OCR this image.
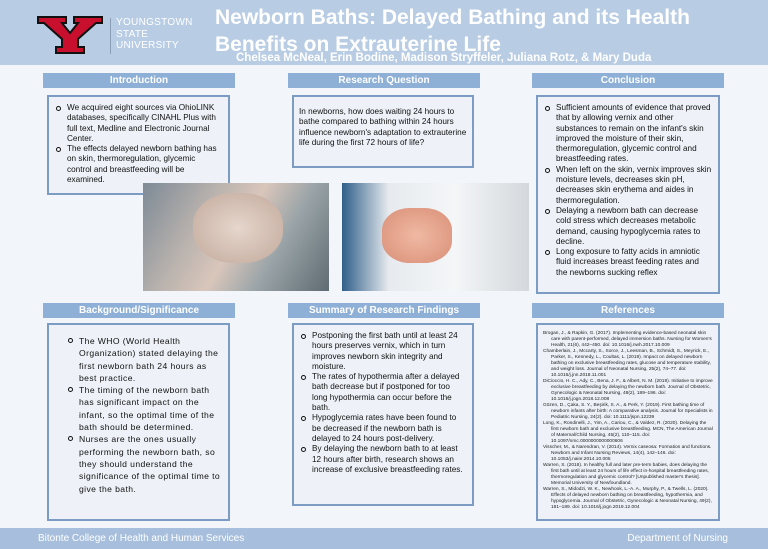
YOUNGSTOWN
STATE
UNIVERSITY
Newborn Baths: Delayed Bathing and its Health Benefits on Extrauterine Life
Chelsea McNeal, Erin Bodine, Madison Stryffeler, Juliana Rotz, & Mary Duda
Introduction
We acquired eight sources via OhioLINK databases, specifically CINAHL Plus with full text, Medline and Electronic Journal Center.
The effects delayed newborn bathing has on skin, thermoregulation, glycemic control and breastfeeding will be examined.
Research Question

In newborns, how does waiting 24 hours to bathe compared to bathing within 24 hours influence newborn's adaptation to extrauterine life during the first 72 hours of life?

Conclusion
Sufficient amounts of evidence that proved that by allowing vernix and other substances to remain on the infant's skin improved the moisture of their skin, thermoregulation, glycemic control and breastfeeding rates.
When left on the skin, vernix improves skin moisture levels, decreases skin pH, decreases skin erythema and aides in thermoregulation.
Delaying a newborn bath can decrease cold stress which decreases metabolic demand, causing hypoglycemia rates to decline.
Long exposure to fatty acids in amniotic fluid increases breast feeding rates and the newborns sucking reflex
Background/Significance
The WHO (World Health Organization) stated delaying the first newborn bath 24 hours as best practice.
The timing of the newborn bath has significant impact on the infant, so the optimal time of the bath should be determined.
Nurses are the ones usually performing the newborn bath, so they should understand the significance of the optimal time to give the bath.
Summary of Research Findings
Postponing the first bath until at least 24 hours preserves vernix, which in turn improves newborn skin integrity and moisture.
The rates of hypothermia after a delayed bath decrease but if postponed for too long hypothermia can occur before the bath.
Hypoglycemia rates have been found to be decreased if the newborn bath is delayed to 24 hours post-delivery.
By delaying the newborn bath to at least 12 hours after birth, research shows an increase of exclusive breastfeeding rates.
References

Brogan, J., & Rapkin, G. (2017). Implementing evidence-based neonatal skin care with parent-performed, delayed immersion baths. Nursing for Women's Health, 21(6), 442–450. doi: 10.1016/j.nwh.2017.10.009

Chamberlain, J., Mccarty, S., Sorce, J., Leesman, B., Schmidt, S., Meyrick, E., Parker, S., Kennedy, L., Coultas, L. (2019). Impact on delayed newborn bathing on exclusive breastfeeding rates, glucose and temperature stability, and weight loss. Journal of Neonatal Nursing, 25(2), 74–77. doi: 10.1016/j.jnn.2018.11.001

DiCioccio, H. C., Ady, C., Bena, J. F., & Albert, N. M. (2019). Initiative to improve exclusive breastfeeding by delaying the newborn bath. Journal of Obstetric, Gynecologic & Neonatal Nursing, 48(2), 189–196. doi: 10.1016/j.jogn.2018.12.008

Gözen, D., Çaka, S. Y., Beşirik, S. A., & Perk, Y. (2019). First bathing time of newborn infants after birth: A comparative analysis. Journal for Specialists in Pediatric Nursing, 24(2). doi: 10.1111/jspn.12239

Long, K., Rondinelli, J., Yim, A., Cariou, C., & Valdez, R. (2020). Delaying the first newborn bath and exclusive breastfeeding. MCN, The American Journal of Maternal/Child Nursing, 45(2), 110–115. doi: 10.1097/nmc.0000000000000606

Visscher, M., & Narendran, V. (2014). Vernix caseosa: Formation and functions. Newborn and Infant Nursing Reviews, 14(4), 142–146. doi: 10.1053/j.nainr.2014.10.005

Warren, S. (2018). In healthy full and later pre-term babies, does delaying the first bath until at least 24 hours of life effect in-hospital breastfeeding rates, thermoregulation and glycemic control? [Unpublished master's thesis]. Memorial University of Newfoundland.

Warren, S., Midodzi, W. K., Newhook, L.-A. A., Murphy, P., & Twells, L. (2020). Effects of delayed newborn bathing on breastfeeding, hypothermia, and hypoglycemia. Journal of Obstetric, Gynecologic & Neonatal Nursing, 49(2), 181–189. doi: 10.1016/j.jogn.2019.12.004

Bitonte College of Health and Human Services	Department of Nursing
